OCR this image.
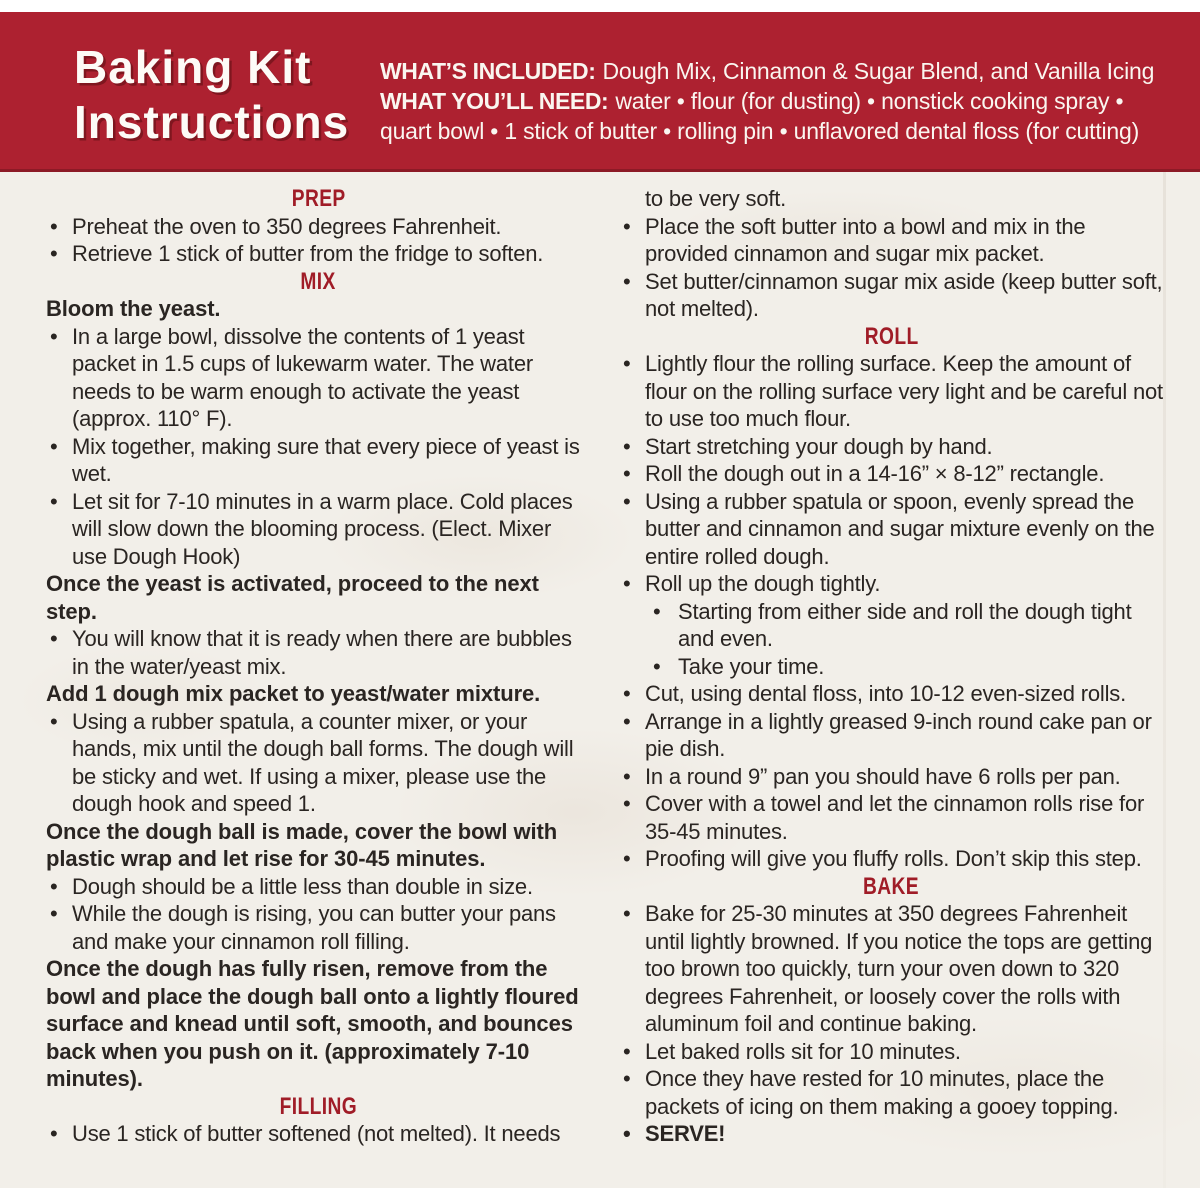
Baking Kit
Instructions
WHAT’S INCLUDED: Dough Mix, Cinnamon & Sugar Blend, and Vanilla Icing
WHAT YOU’LL NEED: water • flour (for dusting) • nonstick cooking spray • quart bowl • 1 stick of butter • rolling pin • unflavored dental floss (for cutting)
PREP
• Preheat the oven to 350 degrees Fahrenheit.
• Retrieve 1 stick of butter from the fridge to soften.
MIX
Bloom the yeast.
• In a large bowl, dissolve the contents of 1 yeast packet in 1.5 cups of lukewarm water. The water needs to be warm enough to activate the yeast (approx. 110° F).
• Mix together, making sure that every piece of yeast is wet.
• Let sit for 7-10 minutes in a warm place. Cold places will slow down the blooming process. (Elect. Mixer use Dough Hook)
Once the yeast is activated, proceed to the next step.
• You will know that it is ready when there are bubbles in the water/yeast mix.
Add 1 dough mix packet to yeast/water mixture.
• Using a rubber spatula, a counter mixer, or your hands, mix until the dough ball forms. The dough will be sticky and wet. If using a mixer, please use the dough hook and speed 1.
Once the dough ball is made, cover the bowl with plastic wrap and let rise for 30-45 minutes.
• Dough should be a little less than double in size.
• While the dough is rising, you can butter your pans and make your cinnamon roll filling.
Once the dough has fully risen, remove from the bowl and place the dough ball onto a lightly floured surface and knead until soft, smooth, and bounces back when you push on it. (approximately 7-10 minutes).
FILLING
• Use 1 stick of butter softened (not melted). It needs
to be very soft.
• Place the soft butter into a bowl and mix in the provided cinnamon and sugar mix packet.
• Set butter/cinnamon sugar mix aside (keep butter soft, not melted).
ROLL
• Lightly flour the rolling surface. Keep the amount of flour on the rolling surface very light and be careful not to use too much flour.
• Start stretching your dough by hand.
• Roll the dough out in a 14-16” × 8-12” rectangle.
• Using a rubber spatula or spoon, evenly spread the butter and cinnamon and sugar mixture evenly on the entire rolled dough.
• Roll up the dough tightly.
• Starting from either side and roll the dough tight and even.
• Take your time.
• Cut, using dental floss, into 10-12 even-sized rolls.
• Arrange in a lightly greased 9-inch round cake pan or pie dish.
• In a round 9” pan you should have 6 rolls per pan.
• Cover with a towel and let the cinnamon rolls rise for 35-45 minutes.
• Proofing will give you fluffy rolls. Don’t skip this step.
BAKE
• Bake for 25-30 minutes at 350 degrees Fahrenheit until lightly browned. If you notice the tops are getting too brown too quickly, turn your oven down to 320 degrees Fahrenheit, or loosely cover the rolls with aluminum foil and continue baking.
• Let baked rolls sit for 10 minutes.
• Once they have rested for 10 minutes, place the packets of icing on them making a gooey topping.
• SERVE!
